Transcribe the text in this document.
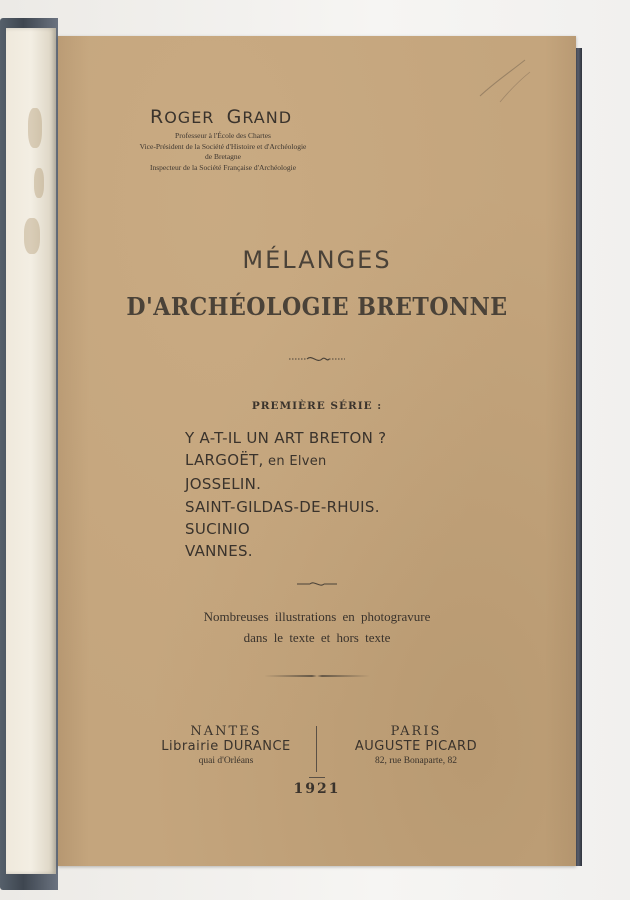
ROGER GRAND
Professeur à l'École des Chartes
Vice-Président de la Société d'Histoire et d'Archéologie
de Bretagne
Inspecteur de la Société Française d'Archéologie
MÉLANGES
D'ARCHÉOLOGIE BRETONNE
PREMIÈRE SÉRIE :
Y A-T-IL UN ART BRETON ?
LARGOËT, en Elven
JOSSELIN.
SAINT-GILDAS-DE-RHUIS.
SUCINIO
VANNES.
Nombreuses illustrations en photogravure
dans le texte et hors texte
NANTES
Librairie DURANCE
quai d'Orléans
PARIS
AUGUSTE PICARD
82, rue Bonaparte, 82
1921
